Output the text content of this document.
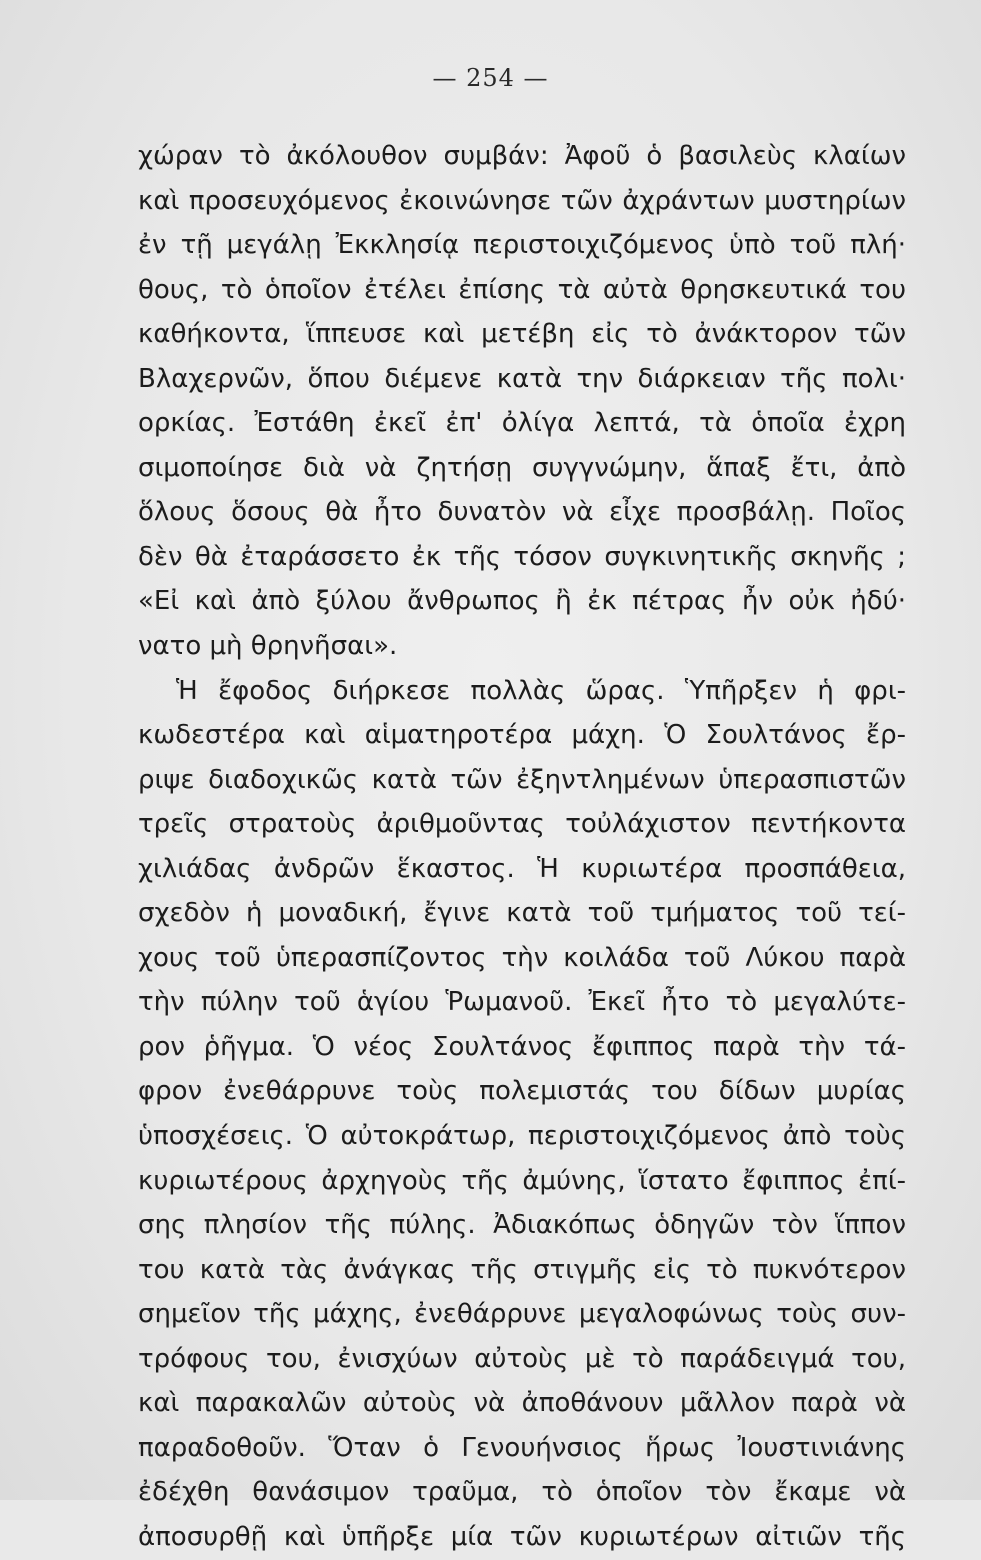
— 254 —
χώραν τὸ ἀκόλουθον συμβάν: Ἀφοῦ ὁ βασιλεὺς κλαίων
καὶ προσευχόμενος ἐκοινώνησε τῶν ἀχράντων μυστηρίων
ἐν τῇ μεγάλῃ Ἐκκλησίᾳ περιστοιχιζόμενος ὑπὸ τοῦ πλή·
θους, τὸ ὁποῖον ἐτέλει ἐπίσης τὰ αὐτὰ θρησκευτικά του
καθήκοντα, ἵππευσε καὶ μετέβη εἰς τὸ ἀνάκτορον τῶν
Βλαχερνῶν, ὅπου διέμενε κατὰ την διάρκειαν τῆς πολι·
ορκίας. Ἐστάθη ἐκεῖ ἐπ' ὀλίγα λεπτά, τὰ ὁποῖα ἐχρη
σιμοποίησε διὰ νὰ ζητήσῃ συγγνώμην, ἅπαξ ἔτι, ἀπὸ
ὅλους ὅσους θὰ ἦτο δυνατὸν νὰ εἶχε προσβάλῃ. Ποῖος
δὲν θὰ ἐταράσσετο ἐκ τῆς τόσον συγκινητικῆς σκηνῆς ;
«Εἰ καὶ ἀπὸ ξύλου ἄνθρωπος ἢ ἐκ πέτρας ἦν οὐκ ἠδύ·
νατο μὴ θρηνῆσαι».
Ἡ ἔφοδος διήρκεσε πολλὰς ὥρας. Ὑπῆρξεν ἡ φρι-
κωδεστέρα καὶ αἱματηροτέρα μάχη. Ὁ Σουλτάνος ἔρ-
ριψε διαδοχικῶς κατὰ τῶν ἐξηντλημένων ὑπερασπιστῶν
τρεῖς στρατοὺς ἀριθμοῦντας τοὐλάχιστον πεντήκοντα
χιλιάδας ἀνδρῶν ἕκαστος. Ἡ κυριωτέρα προσπάθεια,
σχεδὸν ἡ μοναδική, ἔγινε κατὰ τοῦ τμήματος τοῦ τεί-
χους τοῦ ὑπερασπίζοντος τὴν κοιλάδα τοῦ Λύκου παρὰ
τὴν πύλην τοῦ ἁγίου Ῥωμανοῦ. Ἐκεῖ ἦτο τὸ μεγαλύτε-
ρον ῥῆγμα. Ὁ νέος Σουλτάνος ἔφιππος παρὰ τὴν τά-
φρον ἐνεθάρρυνε τοὺς πολεμιστάς του δίδων μυρίας
ὑποσχέσεις. Ὁ αὐτοκράτωρ, περιστοιχιζόμενος ἀπὸ τοὺς
κυριωτέρους ἀρχηγοὺς τῆς ἀμύνης, ἵστατο ἔφιππος ἐπί-
σης πλησίον τῆς πύλης. Ἀδιακόπως ὁδηγῶν τὸν ἵππον
του κατὰ τὰς ἀνάγκας τῆς στιγμῆς εἰς τὸ πυκνότερον
σημεῖον τῆς μάχης, ἐνεθάρρυνε μεγαλοφώνως τοὺς συν-
τρόφους του, ἐνισχύων αὐτοὺς μὲ τὸ παράδειγμά του,
καὶ παρακαλῶν αὐτοὺς νὰ ἀποθάνουν μᾶλλον παρὰ νὰ
παραδοθοῦν. Ὅταν ὁ Γενουήνσιος ἥρως Ἰουστινιάνης
ἐδέχθη θανάσιμον τραῦμα, τὸ ὁποῖον τὸν ἔκαμε νὰ
ἀποσυρθῇ καὶ ὑπῆρξε μία τῶν κυριωτέρων αἰτιῶν τῆς
